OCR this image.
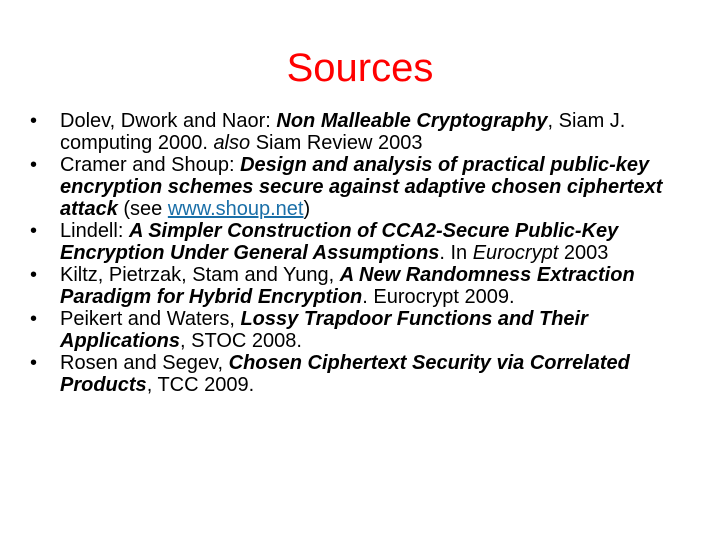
Sources
•	Dolev, Dwork and Naor: Non Malleable Cryptography, Siam J. computing 2000. also Siam Review 2003
•	Cramer and Shoup: Design and analysis of practical public-key encryption schemes secure against adaptive chosen ciphertext attack (see www.shoup.net)
•	Lindell: A Simpler Construction of CCA2-Secure Public-Key Encryption Under General Assumptions. In Eurocrypt 2003
•	Kiltz, Pietrzak, Stam and Yung, A New Randomness Extraction Paradigm for Hybrid Encryption. Eurocrypt 2009.
•	Peikert and Waters, Lossy Trapdoor Functions and Their Applications, STOC 2008.
•	Rosen and Segev, Chosen Ciphertext Security via Correlated Products, TCC 2009.
